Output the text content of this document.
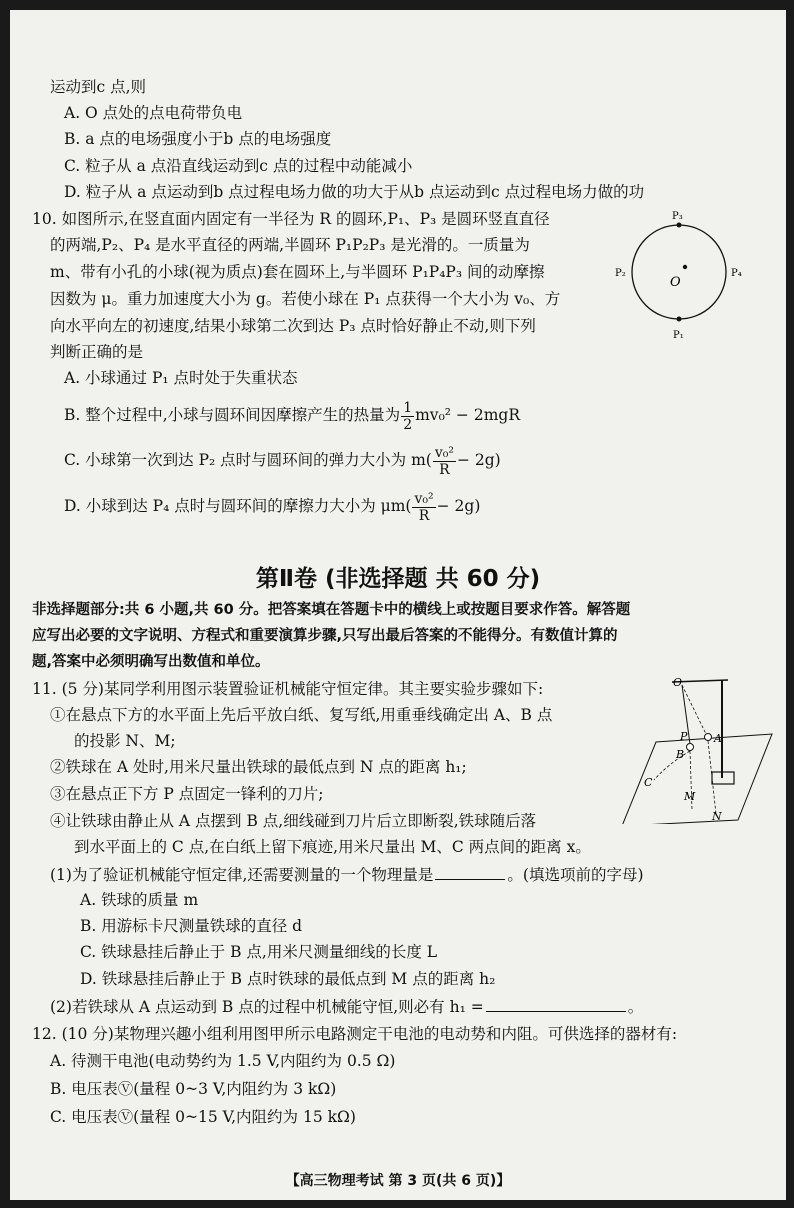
运动到c 点,则
A. O 点处的点电荷带负电
B. a 点的电场强度小于b 点的电场强度
C. 粒子从 a 点沿直线运动到c 点的过程中动能减小
D. 粒子从 a 点运动到b 点过程电场力做的功大于从b 点运动到c 点过程电场力做的功
10. 如图所示,在竖直面内固定有一半径为 R 的圆环,P₁、P₃ 是圆环竖直直径
的两端,P₂、P₄ 是水平直径的两端,半圆环 P₁P₂P₃ 是光滑的。一质量为
m、带有小孔的小球(视为质点)套在圆环上,与半圆环 P₁P₄P₃ 间的动摩擦
因数为 μ。重力加速度大小为 g。若使小球在 P₁ 点获得一个大小为 v₀、方
向水平向左的初速度,结果小球第二次到达 P₃ 点时恰好静止不动,则下列
判断正确的是
A. 小球通过 P₁ 点时处于失重状态
B. 整个过程中,小球与圆环间因摩擦产生的热量为 $\frac{1}{2} mv_0^2 - 2mgR$
C. 小球第一次到达 P₂ 点时与圆环间的弹力大小为 $m( \frac{\text{v₀²}}{R} - 2g)$
D. 小球到达 P₄ 点时与圆环间的摩擦力大小为 $\mu m( \frac{\text{v₀²}}{R} - 2g)$
P₃
P₂	P₄
P₁
O
第Ⅱ卷 (非选择题 共 60 分)
非选择题部分:共 6 小题,共 60 分。把答案填在答题卡中的横线上或按题目要求作答。解答题
应写出必要的文字说明、方程式和重要演算步骤,只写出最后答案的不能得分。有数值计算的
题,答案中必须明确写出数值和单位。
11. (5 分)某同学利用图示装置验证机械能守恒定律。其主要实验步骤如下:
①在悬点下方的水平面上先后平放白纸、复写纸,用重垂线确定出 A、B 点
的投影 N、M;
②铁球在 A 处时,用米尺量出铁球的最低点到 N 点的距离 h₁;
③在悬点正下方 P 点固定一锋利的刀片;
④让铁球由静止从 A 点摆到 B 点,细线碰到刀片后立即断裂,铁球随后落
到水平面上的 C 点,在白纸上留下痕迹,用米尺量出 M、C 两点间的距离 x。
(1)为了验证机械能守恒定律,还需要测量的一个物理量是	。(填选项前的字母)
A. 铁球的质量 m
B. 用游标卡尺测量铁球的直径 d
C. 铁球悬挂后静止于 B 点,用米尺测量细线的长度 L
D. 铁球悬挂后静止于 B 点时铁球的最低点到 M 点的距离 h₂
(2)若铁球从 A 点运动到 B 点的过程中机械能守恒,则必有 h₁ =	。
O
P A
B
C
M
N
12. (10 分)某物理兴趣小组利用图甲所示电路测定干电池的电动势和内阻。可供选择的器材有:
A. 待测干电池(电动势约为 1.5 V,内阻约为 0.5 Ω)
B. 电压表Ⓥ(量程 0~3 V,内阻约为 3 kΩ)
C. 电压表Ⓥ(量程 0~15 V,内阻约为 15 kΩ)
【高三物理考试 第 3 页(共 6 页)】
